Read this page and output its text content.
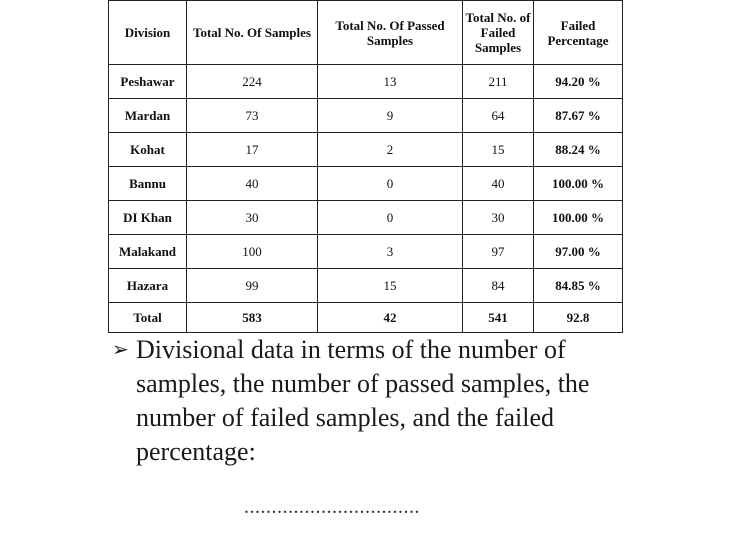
Division	Total No. Of Samples	Total No. Of Passed Samples	Total No. of Failed Samples	Failed Percentage
Peshawar	224	13	211	94.20 %
Mardan	73	9	64	87.67 %
Kohat	17	2	15	88.24 %
Bannu	40	0	40	100.00 %
DI Khan	30	0	30	100.00 %
Malakand	100	3	97	97.00 %
Hazara	99	15	84	84.85 %
Total	583	42	541	92.8
➢ Divisional data in terms of the number of
samples, the number of passed samples, the
number of failed samples, and the failed
percentage:
................................
